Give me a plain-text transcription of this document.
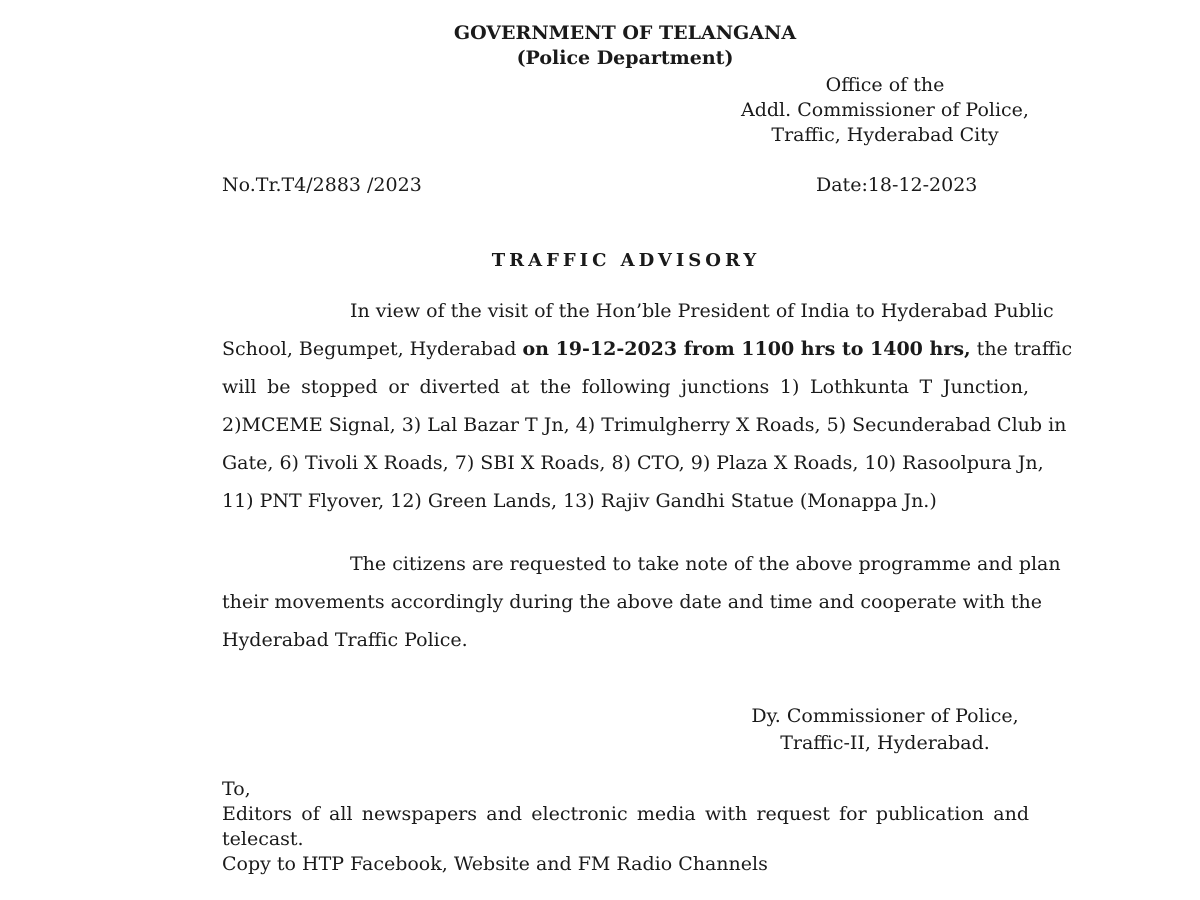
GOVERNMENT OF TELANGANA
(Police Department)
Office of the
Addl. Commissioner of Police,
Traffic, Hyderabad City
No.Tr.T4/2883 /2023	Date:18-12-2023
TRAFFIC ADVISORY
In view of the visit of the Hon’ble President of India to Hyderabad Public
School, Begumpet, Hyderabad on 19-12-2023 from 1100 hrs to 1400 hrs, the traffic
will be stopped or diverted at the following junctions 1) Lothkunta T Junction,
2)MCEME Signal, 3) Lal Bazar T Jn, 4) Trimulgherry X Roads, 5) Secunderabad Club in
Gate, 6) Tivoli X Roads, 7) SBI X Roads, 8) CTO, 9) Plaza X Roads, 10) Rasoolpura Jn,
11) PNT Flyover, 12) Green Lands, 13) Rajiv Gandhi Statue (Monappa Jn.)
The citizens are requested to take note of the above programme and plan
their movements accordingly during the above date and time and cooperate with the
Hyderabad Traffic Police.
Dy. Commissioner of Police,
Traffic-II, Hyderabad.
To,
Editors of all newspapers and electronic media with request for publication and
telecast.
Copy to HTP Facebook, Website and FM Radio Channels
